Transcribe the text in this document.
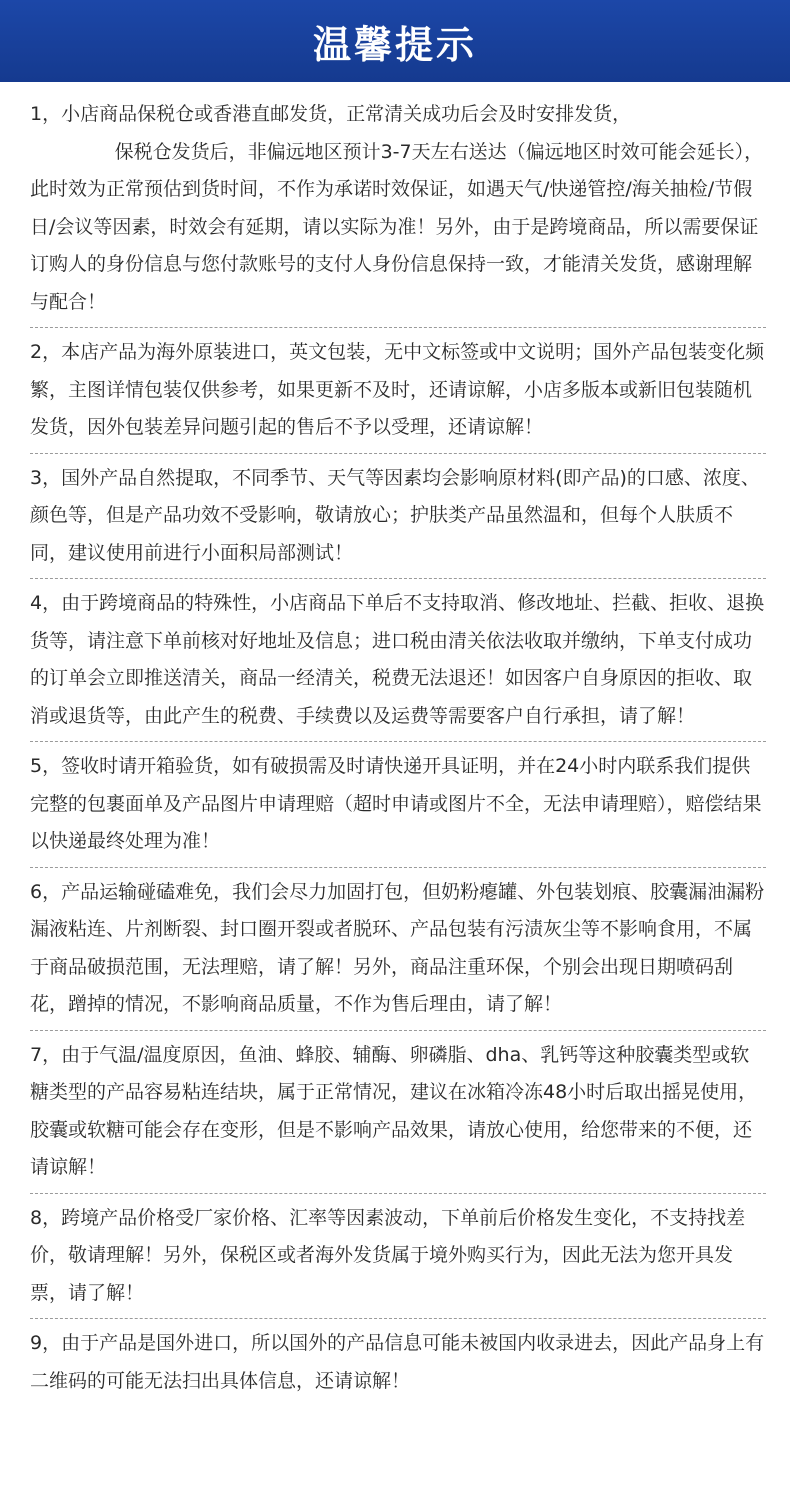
温馨提示

1，小店商品保税仓或香港直邮发货，正常清关成功后会及时安排发货，
保税仓发货后，非偏远地区预计3-7天左右送达（偏远地区时效可能会延长），此时效为正常预估到货时间，不作为承诺时效保证，如遇天气/快递管控/海关抽检/节假日/会议等因素，时效会有延期，请以实际为准！另外，由于是跨境商品，所以需要保证订购人的身份信息与您付款账号的支付人身份信息保持一致，才能清关发货，感谢理解与配合！

2，本店产品为海外原装进口，英文包装，无中文标签或中文说明；国外产品包装变化频繁，主图详情包装仅供参考，如果更新不及时，还请谅解，小店多版本或新旧包装随机发货，因外包装差异问题引起的售后不予以受理，还请谅解！

3，国外产品自然提取，不同季节、天气等因素均会影响原材料(即产品)的口感、浓度、颜色等，但是产品功效不受影响，敬请放心；护肤类产品虽然温和，但每个人肤质不同，建议使用前进行小面积局部测试！

4，由于跨境商品的特殊性，小店商品下单后不支持取消、修改地址、拦截、拒收、退换货等，请注意下单前核对好地址及信息；进口税由清关依法收取并缴纳，下单支付成功的订单会立即推送清关，商品一经清关，税费无法退还！如因客户自身原因的拒收、取消或退货等，由此产生的税费、手续费以及运费等需要客户自行承担，请了解！

5，签收时请开箱验货，如有破损需及时请快递开具证明，并在24小时内联系我们提供完整的包裹面单及产品图片申请理赔（超时申请或图片不全，无法申请理赔），赔偿结果以快递最终处理为准！

6，产品运输碰磕难免，我们会尽力加固打包，但奶粉瘪罐、外包装划痕、胶囊漏油漏粉漏液粘连、片剂断裂、封口圈开裂或者脱环、产品包装有污渍灰尘等不影响食用，不属于商品破损范围，无法理赔，请了解！另外，商品注重环保，个别会出现日期喷码刮花，蹭掉的情况，不影响商品质量，不作为售后理由，请了解！

7，由于气温/温度原因，鱼油、蜂胶、辅酶、卵磷脂、dha、乳钙等这种胶囊类型或软糖类型的产品容易粘连结块，属于正常情况，建议在冰箱冷冻48小时后取出摇晃使用，胶囊或软糖可能会存在变形，但是不影响产品效果，请放心使用，给您带来的不便，还请谅解！

8，跨境产品价格受厂家价格、汇率等因素波动，下单前后价格发生变化，不支持找差价，敬请理解！另外，保税区或者海外发货属于境外购买行为，因此无法为您开具发票，请了解！

9，由于产品是国外进口，所以国外的产品信息可能未被国内收录进去，因此产品身上有二维码的可能无法扫出具体信息，还请谅解！
